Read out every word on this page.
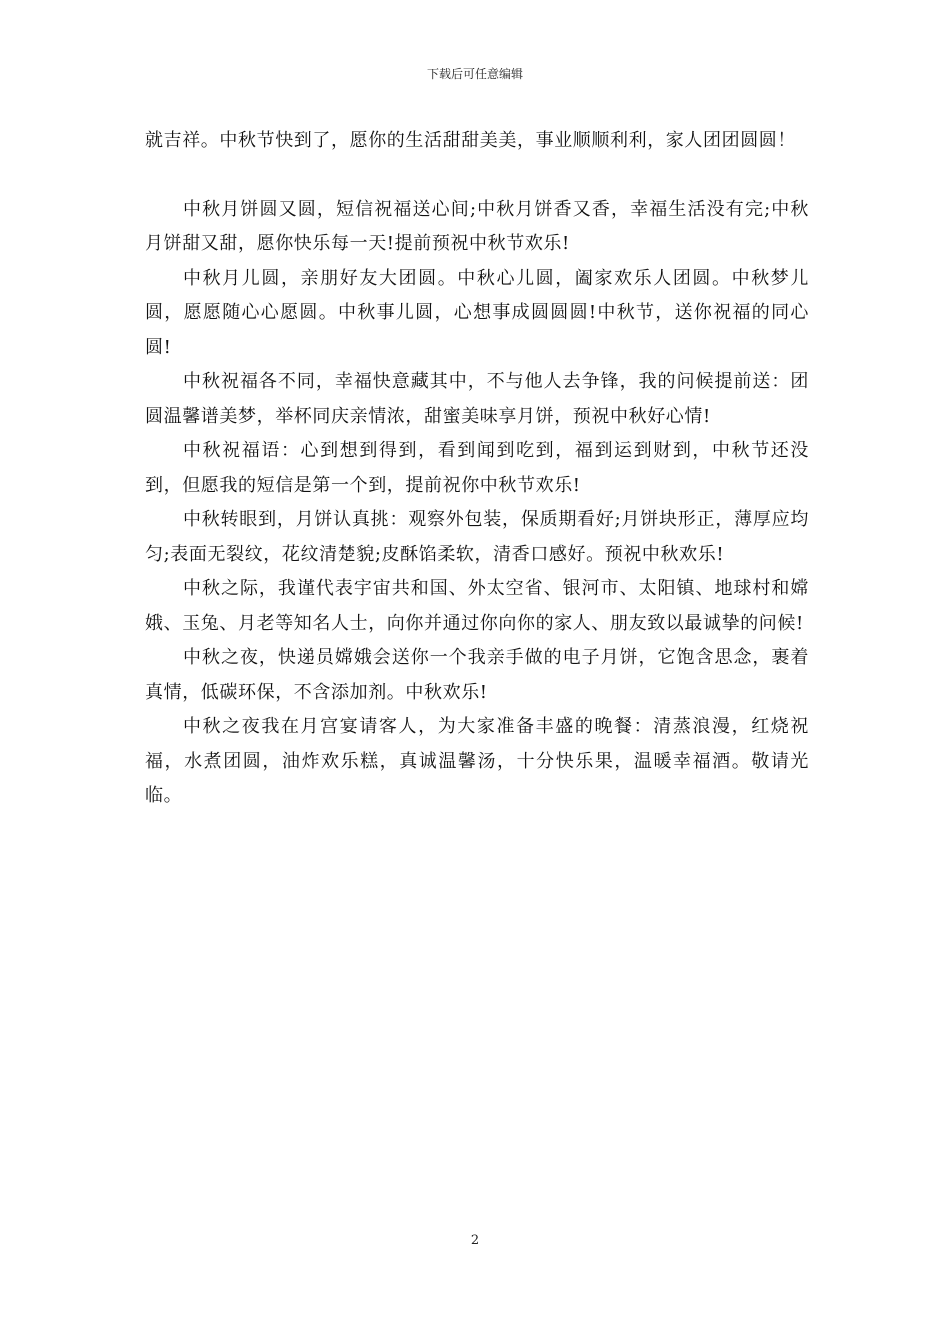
下载后可任意编辑

就吉祥。中秋节快到了，愿你的生活甜甜美美，事业顺顺利利，家人团团圆圆！

中秋月饼圆又圆，短信祝福送心间;中秋月饼香又香，幸福生活没有完;中秋月饼甜又甜，愿你快乐每一天!提前预祝中秋节欢乐!

中秋月儿圆，亲朋好友大团圆。中秋心儿圆，阖家欢乐人团圆。中秋梦儿圆，愿愿随心心愿圆。中秋事儿圆，心想事成圆圆圆!中秋节，送你祝福的同心圆!

中秋祝福各不同，幸福快意藏其中，不与他人去争锋，我的问候提前送：团圆温馨谱美梦，举杯同庆亲情浓，甜蜜美味享月饼，预祝中秋好心情!

中秋祝福语：心到想到得到，看到闻到吃到，福到运到财到，中秋节还没到，但愿我的短信是第一个到，提前祝你中秋节欢乐!

中秋转眼到，月饼认真挑：观察外包装，保质期看好;月饼块形正，薄厚应均匀;表面无裂纹，花纹清楚貌;皮酥馅柔软，清香口感好。预祝中秋欢乐!

中秋之际，我谨代表宇宙共和国、外太空省、银河市、太阳镇、地球村和嫦娥、玉兔、月老等知名人士，向你并通过你向你的家人、朋友致以最诚挚的问候!

中秋之夜，快递员嫦娥会送你一个我亲手做的电子月饼，它饱含思念，裹着真情，低碳环保，不含添加剂。中秋欢乐!

中秋之夜我在月宫宴请客人，为大家准备丰盛的晚餐：清蒸浪漫，红烧祝福，水煮团圆，油炸欢乐糕，真诚温馨汤，十分快乐果，温暖幸福酒。敬请光临。

2
